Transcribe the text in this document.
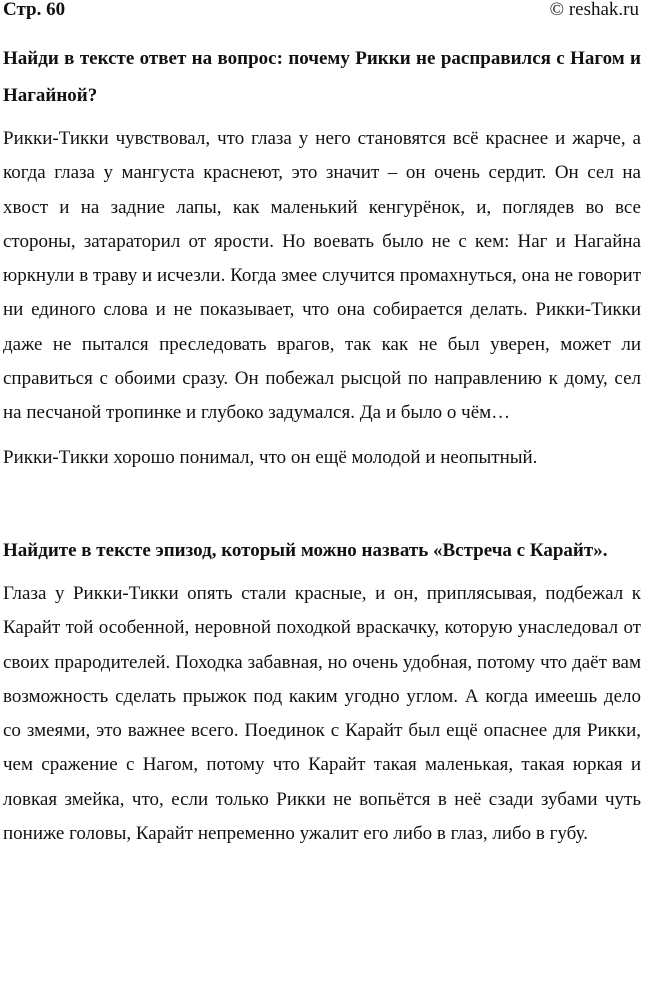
Стр. 60	© reshak.ru

Найди в тексте ответ на вопрос: почему Рикки не расправился с Нагом и Нагайной?

Рикки-Тикки чувствовал, что глаза у него становятся всё краснее и жарче, а когда глаза у мангуста краснеют, это значит – он очень сердит. Он сел на хвост и на задние лапы, как маленький кенгурёнок, и, поглядев во все стороны, затараторил от ярости. Но воевать было не с кем: Наг и Нагайна юркнули в траву и исчезли. Когда змее случится промахнуться, она не говорит ни единого слова и не показывает, что она собирается делать. Рикки-Тикки даже не пытался преследовать врагов, так как не был уверен, может ли справиться с обоими сразу. Он побежал рысцой по направлению к дому, сел на песчаной тропинке и глубоко задумался. Да и было о чём…

Рикки-Тикки хорошо понимал, что он ещё молодой и неопытный.

Найдите в тексте эпизод, который можно назвать «Встреча с Карайт».

Глаза у Рикки-Тикки опять стали красные, и он, приплясывая, подбежал к Карайт той особенной, неровной походкой враскачку, которую унаследовал от своих прародителей. Походка забавная, но очень удобная, потому что даёт вам возможность сделать прыжок под каким угодно углом. А когда имеешь дело со змеями, это важнее всего. Поединок с Карайт был ещё опаснее для Рикки, чем сражение с Нагом, потому что Карайт такая маленькая, такая юркая и ловкая змейка, что, если только Рикки не вопьётся в неё сзади зубами чуть пониже головы, Карайт непременно ужалит его либо в глаз, либо в губу.
